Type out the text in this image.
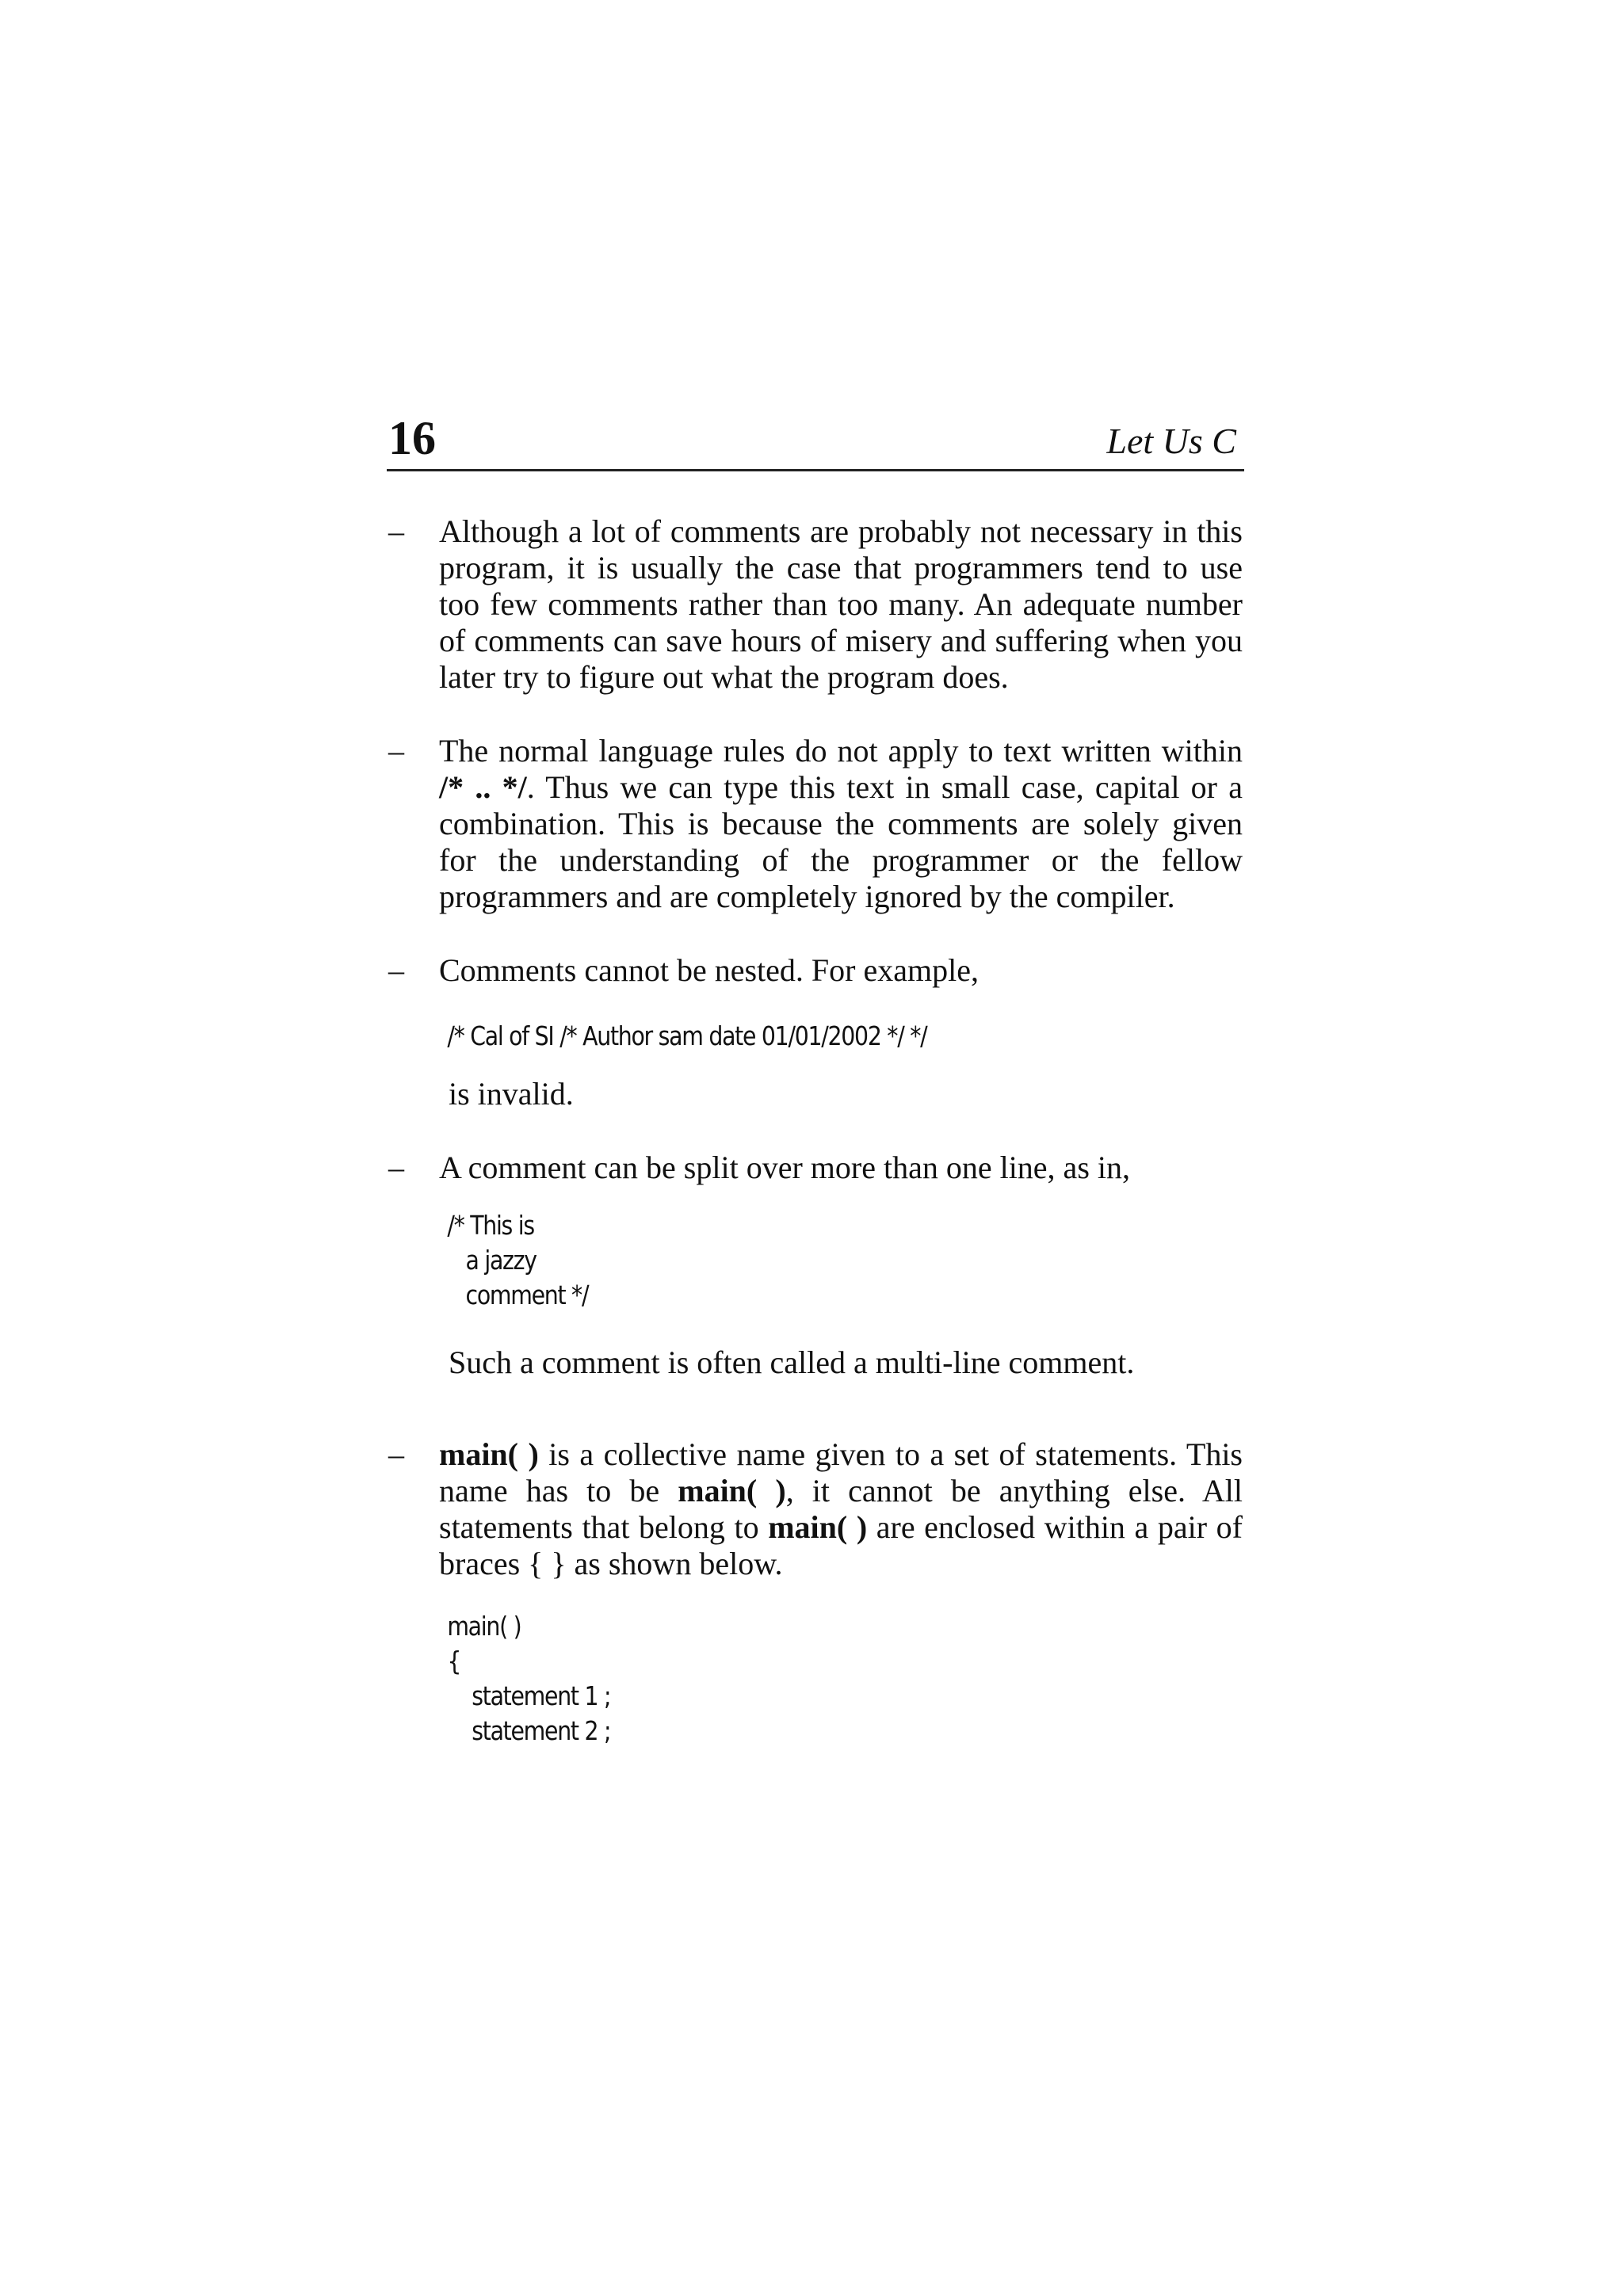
16	Let Us C
– Although a lot of comments are probably not necessary in this program, it is usually the case that programmers tend to use too few comments rather than too many. An adequate number of comments can save hours of misery and suffering when you later try to figure out what the program does.

– The normal language rules do not apply to text written within /* .. */. Thus we can type this text in small case, capital or a combination. This is because the comments are solely given for the understanding of the programmer or the fellow programmers and are completely ignored by the compiler.

– Comments cannot be nested. For example,

/* Cal of SI /* Author sam date 01/01/2002 */ */

is invalid.

– A comment can be split over more than one line, as in,

/* This is
a jazzy
comment */

Such a comment is often called a multi-line comment.

– main( ) is a collective name given to a set of statements. This name has to be main( ), it cannot be anything else. All statements that belong to main( ) are enclosed within a pair of braces { } as shown below.

main( )
{
statement 1 ;
statement 2 ;
